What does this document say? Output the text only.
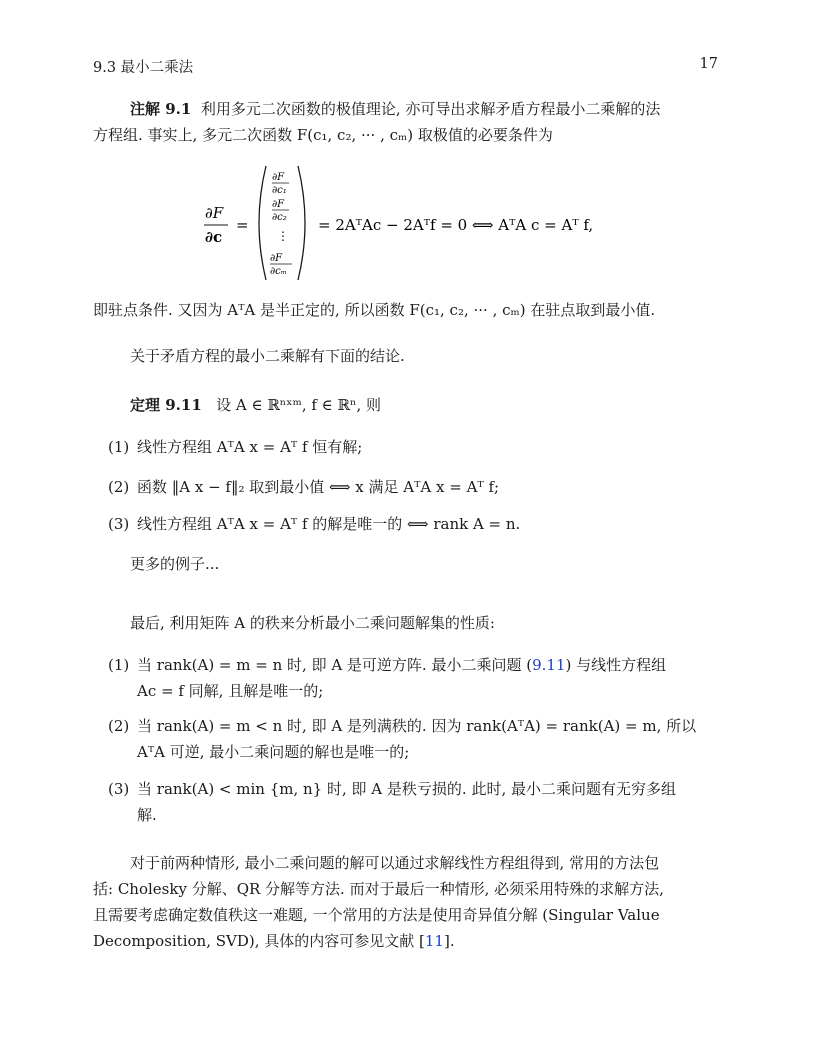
9.3 最小二乘法	17
注解 9.1 利用多元二次函数的极值理论, 亦可导出求解矛盾方程最小二乘解的法
方程组. 事实上, 多元二次函数 F(c₁, c₂, ··· , cₘ) 取极值的必要条件为
∂F
∂c
=
∂F
∂c₁
∂F
∂c₂
⋮
∂F
∂cₘ
= 2AᵀAc − 2Aᵀf = 0 ⟺ AᵀA c = Aᵀ f,
即驻点条件. 又因为 AᵀA 是半正定的, 所以函数 F(c₁, c₂, ··· , cₘ) 在驻点取到最小值.
关于矛盾方程的最小二乘解有下面的结论.
定理 9.11 设 A ∈ ℝⁿˣᵐ, f ∈ ℝⁿ, 则
(1) 线性方程组 AᵀA x = Aᵀ f 恒有解;
(2) 函数 ‖A x − f‖₂ 取到最小值 ⟺ x 满足 AᵀA x = Aᵀ f;
(3) 线性方程组 AᵀA x = Aᵀ f 的解是唯一的 ⟺ rank A = n.
更多的例子...
最后, 利用矩阵 A 的秩来分析最小二乘问题解集的性质:
(1) 当 rank(A) = m = n 时, 即 A 是可逆方阵. 最小二乘问题 (9.11) 与线性方程组
Ac = f 同解, 且解是唯一的;
(2) 当 rank(A) = m < n 时, 即 A 是列满秩的. 因为 rank(AᵀA) = rank(A) = m, 所以
AᵀA 可逆, 最小二乘问题的解也是唯一的;
(3) 当 rank(A) < min {m, n} 时, 即 A 是秩亏损的. 此时, 最小二乘问题有无穷多组
解.
对于前两种情形, 最小二乘问题的解可以通过求解线性方程组得到, 常用的方法包
括: Cholesky 分解、QR 分解等方法. 而对于最后一种情形, 必须采用特殊的求解方法,
且需要考虑确定数值秩这一难题, 一个常用的方法是使用奇异值分解 (Singular Value
Decomposition, SVD), 具体的内容可参见文献 [11].
